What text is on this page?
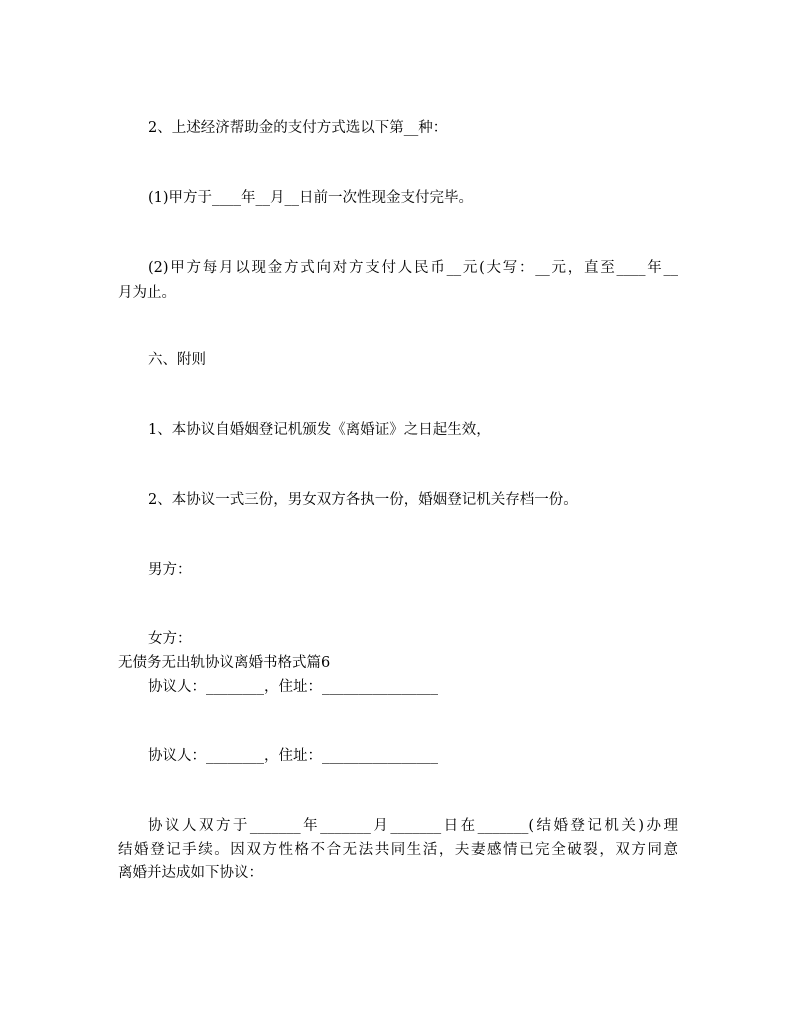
2、上述经济帮助金的支付方式选以下第__种：
(1)甲方于____年__月__日前一次性现金支付完毕。
(2)甲方每月以现金方式向对方支付人民币__元(大写：__元，直至____年__
月为止。
六、附则
1、本协议自婚姻登记机颁发《离婚证》之日起生效，
2、本协议一式三份，男女双方各执一份，婚姻登记机关存档一份。
男方：
女方：
无债务无出轨协议离婚书格式篇6
协议人：________，住址：________________
协议人：________，住址：________________
协议人双方于_______年_______月_______日在_______(结婚登记机关)办理
结婚登记手续。因双方性格不合无法共同生活，夫妻感情已完全破裂，双方同意
离婚并达成如下协议：
